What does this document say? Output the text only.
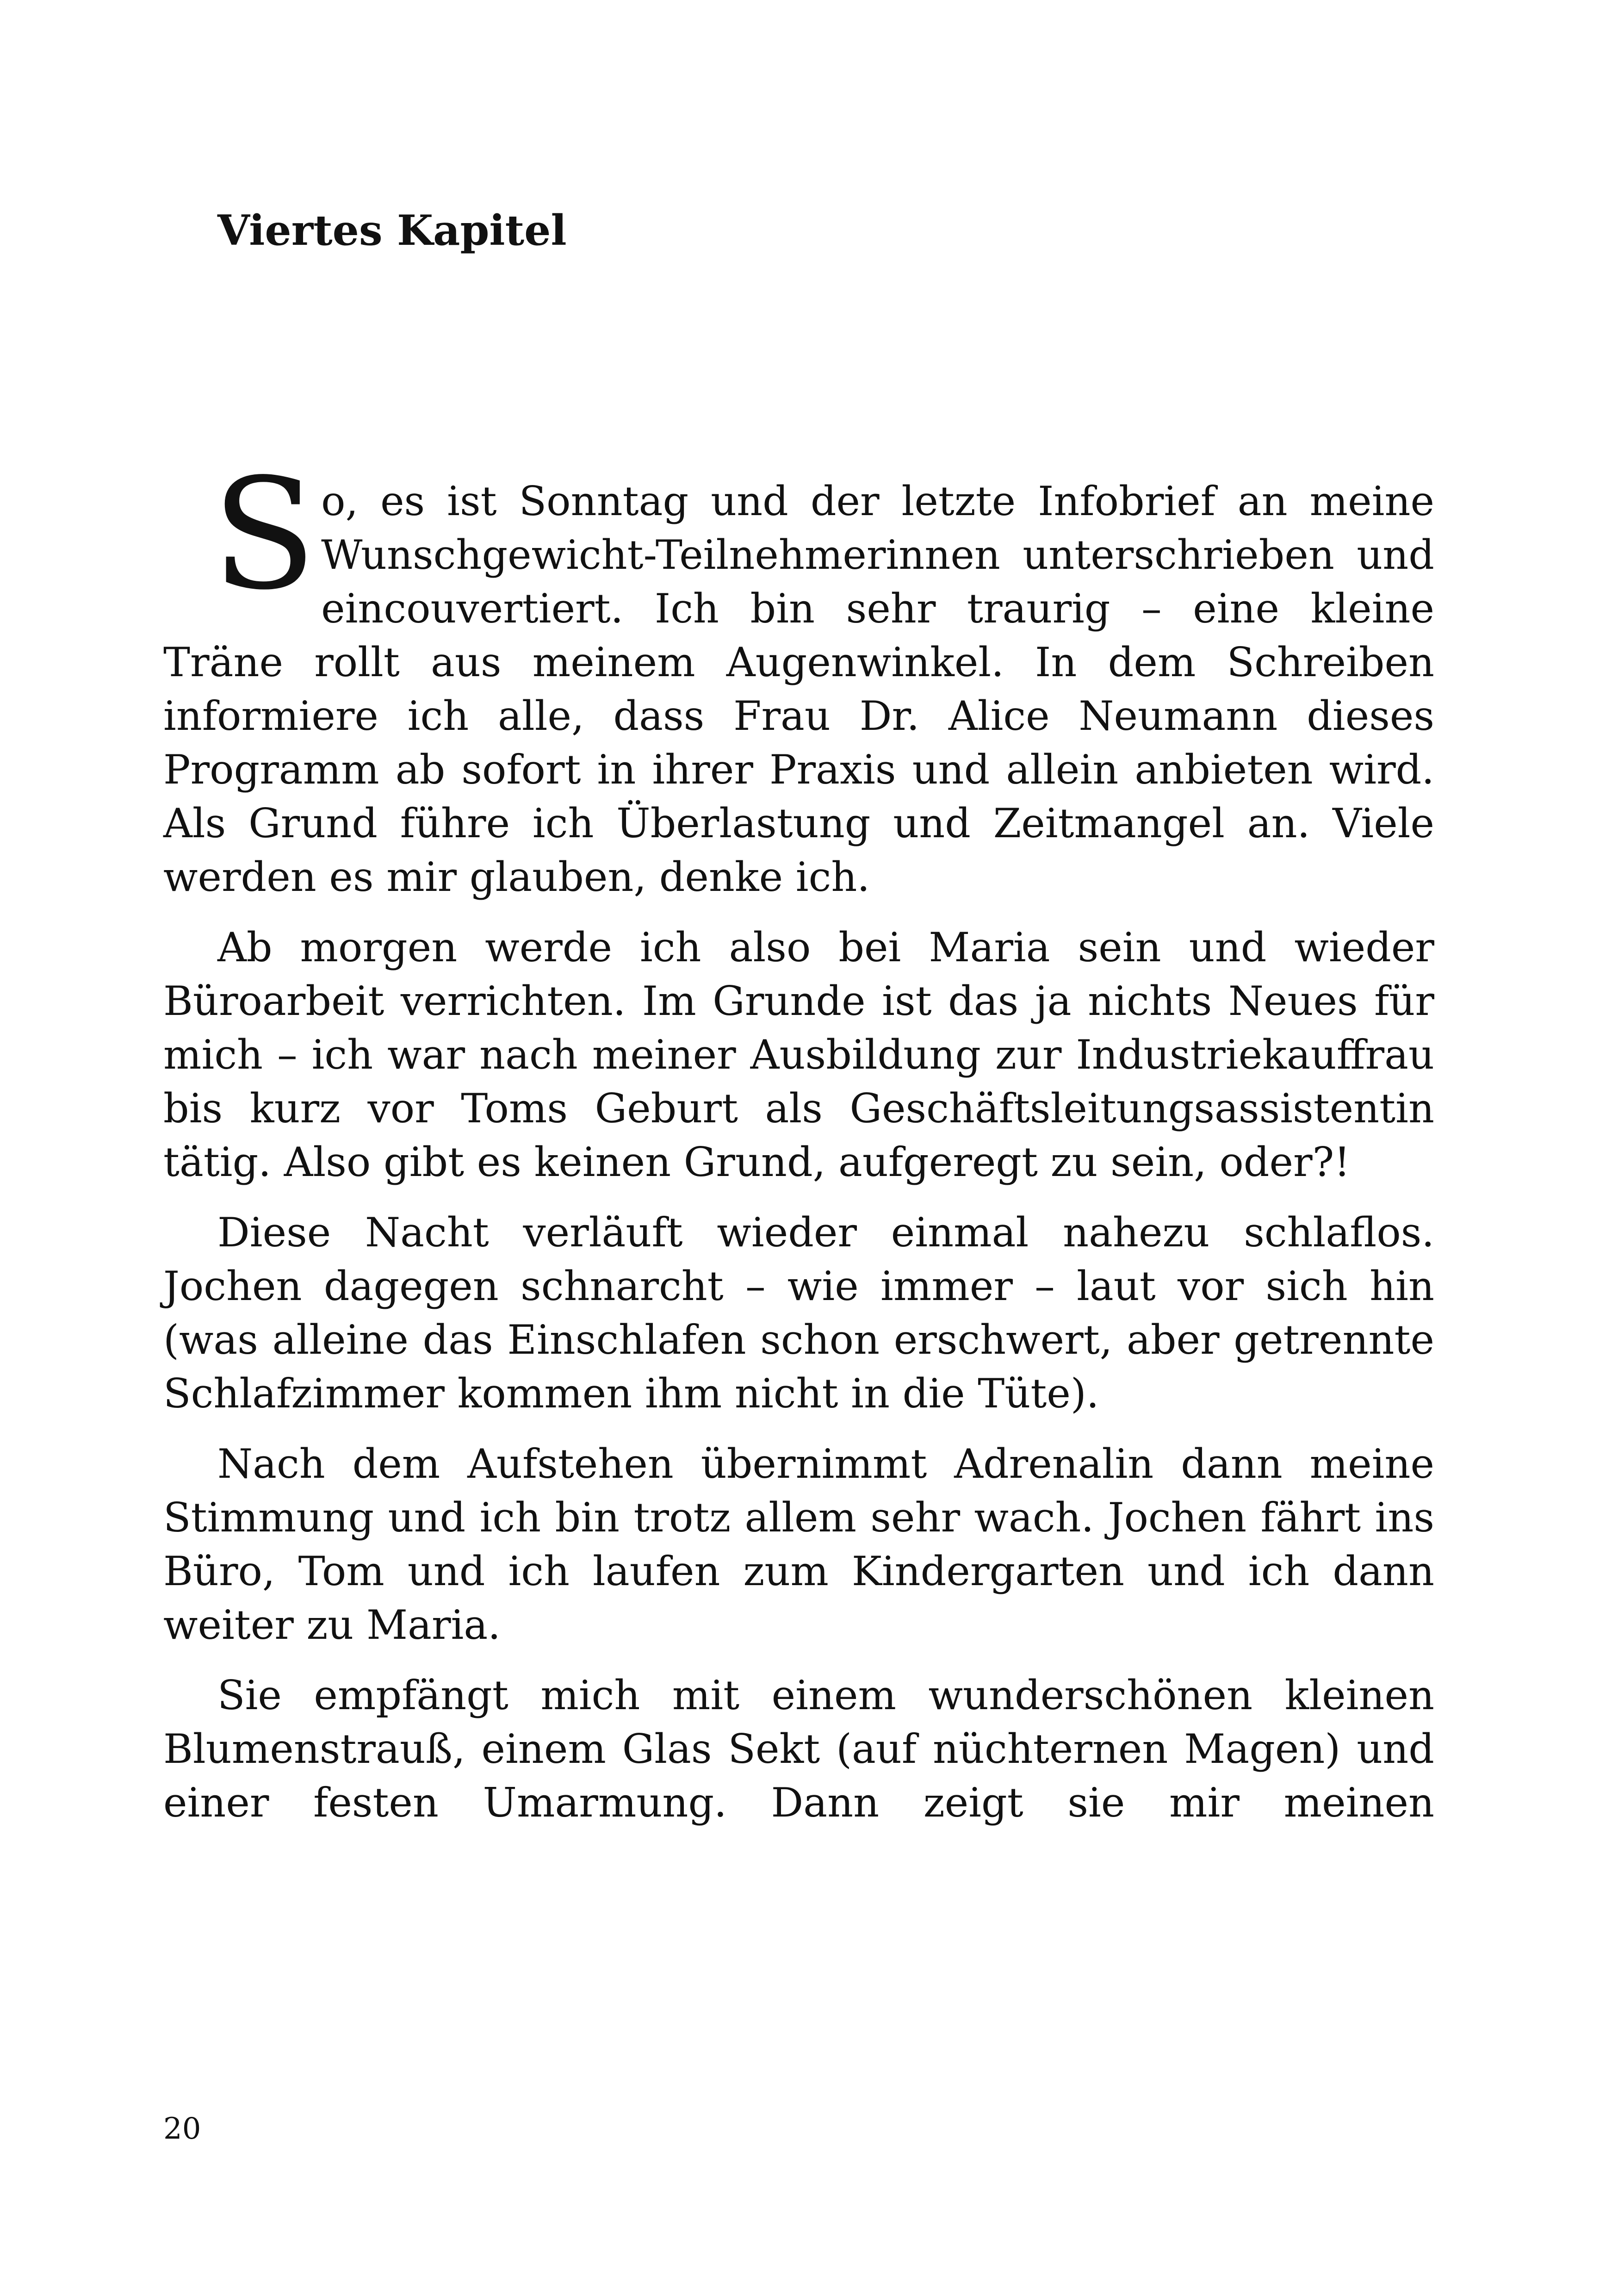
Viertes Kapitel

So, es ist Sonntag und der letzte Infobrief an meine Wunschgewicht-Teilnehmerinnen unterschrieben und eincouvertiert. Ich bin sehr traurig – eine kleine Träne rollt aus meinem Augenwinkel. In dem Schreiben informiere ich alle, dass Frau Dr. Alice Neumann dieses Programm ab sofort in ihrer Praxis und allein anbieten wird. Als Grund führe ich Überlastung und Zeitmangel an. Viele werden es mir glauben, denke ich.

Ab morgen werde ich also bei Maria sein und wieder Büroarbeit verrichten. Im Grunde ist das ja nichts Neues für mich – ich war nach meiner Ausbildung zur Industriekauffrau bis kurz vor Toms Geburt als Geschäftsleitungsassistentin tätig. Also gibt es keinen Grund, aufgeregt zu sein, oder?!

Diese Nacht verläuft wieder einmal nahezu schlaflos. Jochen dagegen schnarcht – wie immer – laut vor sich hin (was alleine das Einschlafen schon erschwert, aber getrennte Schlafzimmer kommen ihm nicht in die Tüte).

Nach dem Aufstehen übernimmt Adrenalin dann meine Stimmung und ich bin trotz allem sehr wach. Jochen fährt ins Büro, Tom und ich laufen zum Kindergarten und ich dann weiter zu Maria.

Sie empfängt mich mit einem wunderschönen kleinen Blumenstrauß, einem Glas Sekt (auf nüchternen Magen) und einer festen Umarmung. Dann zeigt sie mir meinen

20
